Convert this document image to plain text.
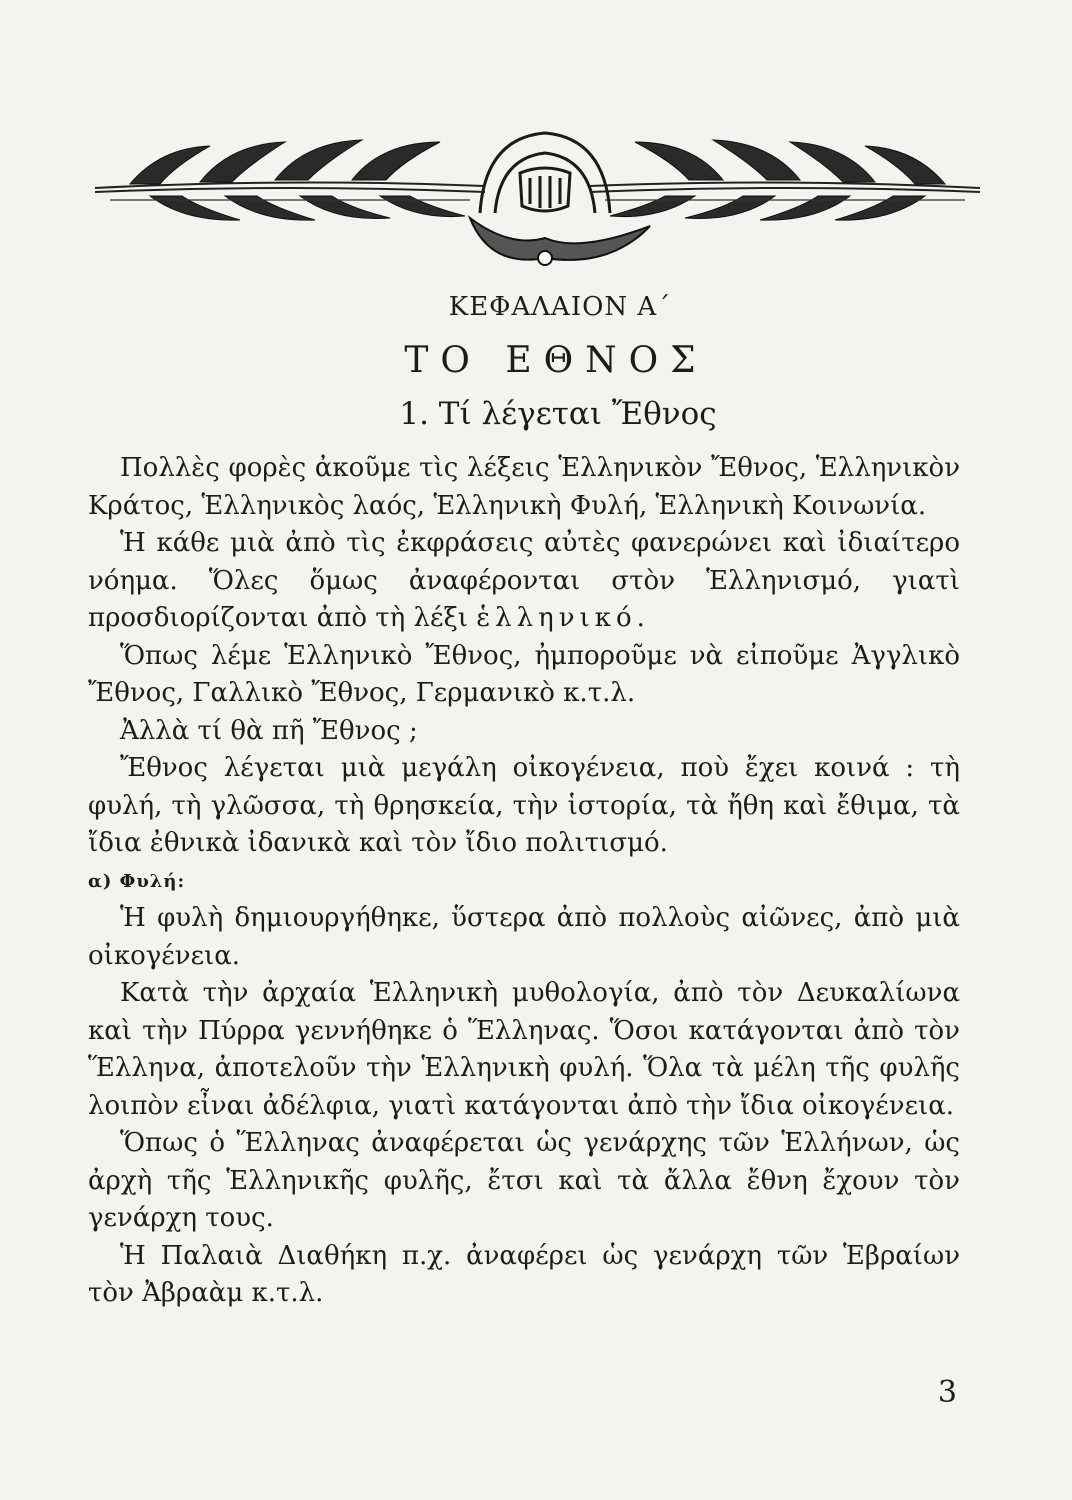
ΚΕΦΑΛΑΙΟΝ Α΄
ΤΟ ΕΘΝΟΣ
1. Τί λέγεται Ἔθνος

Πολλὲς φορὲς ἀκοῦμε τὶς λέξεις Ἑλληνικὸν Ἔθνος, Ἑλληνικὸν Κράτος, Ἑλληνικὸς λαός, Ἑλληνικὴ Φυλή, Ἑλληνικὴ Κοινωνία.

Ἡ κάθε μιὰ ἀπὸ τὶς ἐκφράσεις αὐτὲς φανερώνει καὶ ἰδιαίτερο νόημα. Ὅλες ὅμως ἀναφέρονται στὸν Ἑλληνισμό, γιατὶ προσδιορίζονται ἀπὸ τὴ λέξι ἑλληνικό.

Ὅπως λέμε Ἑλληνικὸ Ἔθνος, ἠμποροῦμε νὰ εἰποῦμε Ἀγγλικὸ Ἔθνος, Γαλλικὸ Ἔθνος, Γερμανικὸ κ.τ.λ.

Ἀλλὰ τί θὰ πῆ Ἔθνος ;

Ἔθνος λέγεται μιὰ μεγάλη οἰκογένεια, ποὺ ἔχει κοινά : τὴ φυλή, τὴ γλῶσσα, τὴ θρησκεία, τὴν ἱστορία, τὰ ἤθη καὶ ἔθιμα, τὰ ἴδια ἐθνικὰ ἰδανικὰ καὶ τὸν ἴδιο πολιτισμό.

α) Φυλή:

Ἡ φυλὴ δημιουργήθηκε, ὕστερα ἀπὸ πολλοὺς αἰῶνες, ἀπὸ μιὰ οἰκογένεια.

Κατὰ τὴν ἀρχαία Ἑλληνικὴ μυθολογία, ἀπὸ τὸν Δευκαλίωνα καὶ τὴν Πύρρα γεννήθηκε ὁ Ἕλληνας. Ὅσοι κατάγονται ἀπὸ τὸν Ἕλληνα, ἀποτελοῦν τὴν Ἑλληνικὴ φυλή. Ὅλα τὰ μέλη τῆς φυλῆς λοιπὸν εἶναι ἀδέλφια, γιατὶ κατάγονται ἀπὸ τὴν ἴδια οἰκογένεια.

Ὅπως ὁ Ἕλληνας ἀναφέρεται ὡς γενάρχης τῶν Ἑλλήνων, ὡς ἀρχὴ τῆς Ἑλληνικῆς φυλῆς, ἔτσι καὶ τὰ ἄλλα ἔθνη ἔχουν τὸν γενάρχη τους.

Ἡ Παλαιὰ Διαθήκη π.χ. ἀναφέρει ὡς γενάρχη τῶν Ἑβραίων τὸν Ἀβραὰμ κ.τ.λ.

3
